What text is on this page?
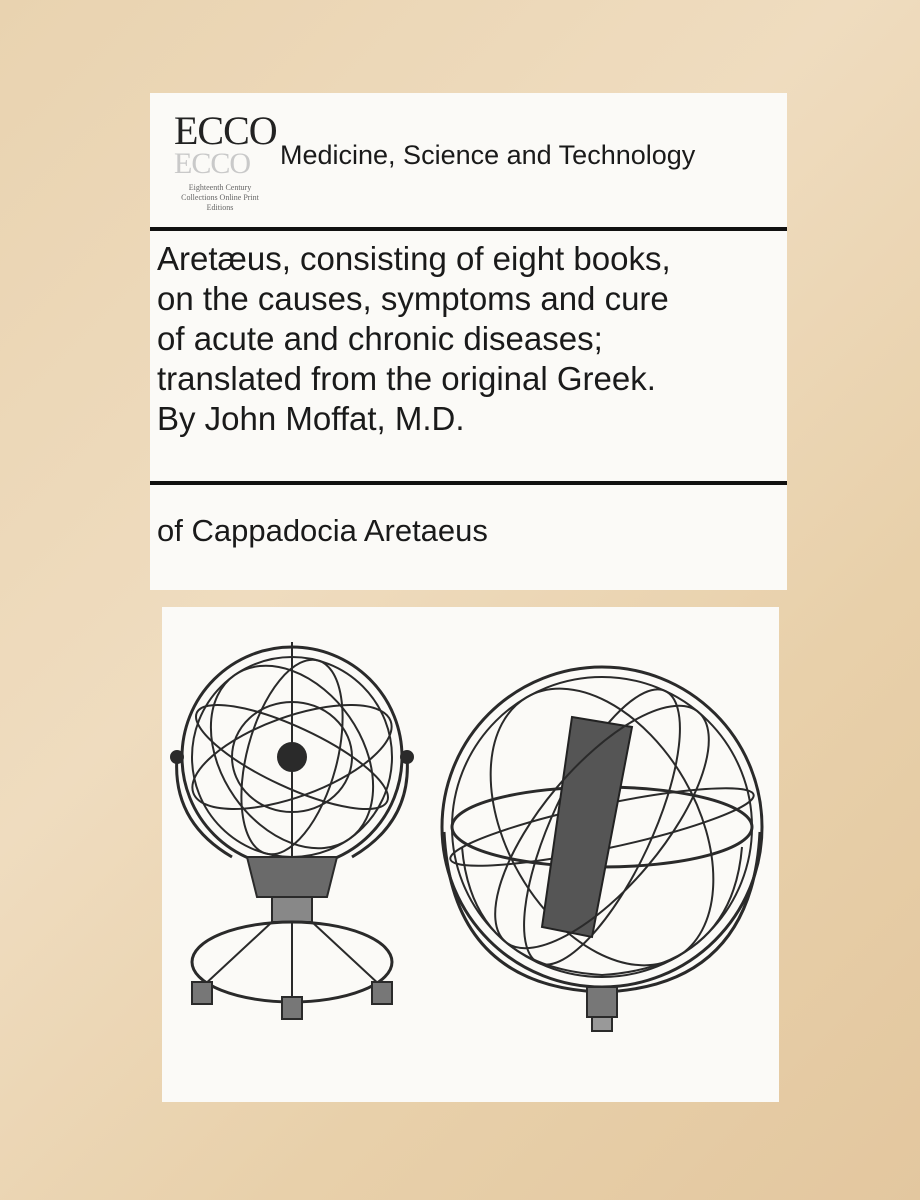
ECCO
ECCO
Eighteenth Century Collections Online Print Editions
Medicine, Science and Technology
Aretæus, consisting of eight books,
on the causes, symptoms and cure
of acute and chronic diseases;
translated from the original Greek.
By John Moffat, M.D.
of Cappadocia Aretaeus
